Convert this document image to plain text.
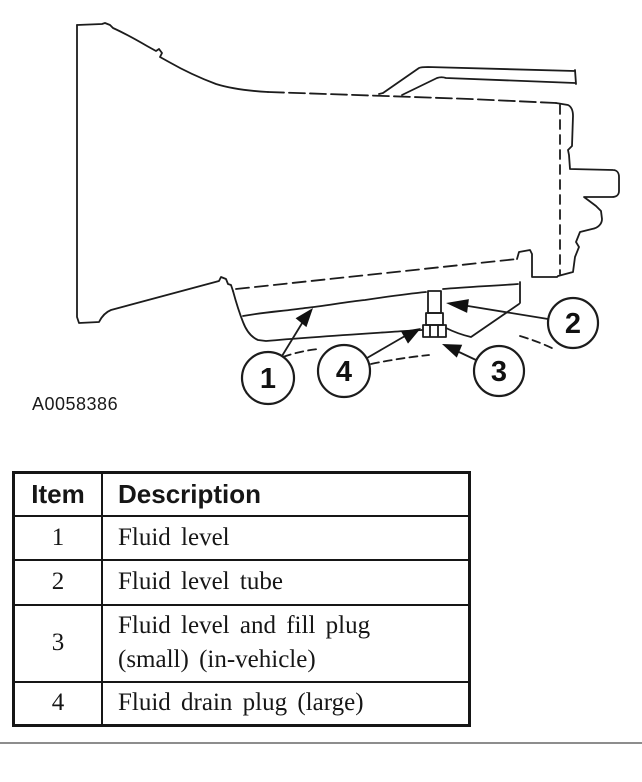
1 4	3
2
A0058386
Item	Description
1	Fluid level
2	Fluid level tube
3	Fluid level and fill plug (small) (in-vehicle)
4	Fluid drain plug (large)
